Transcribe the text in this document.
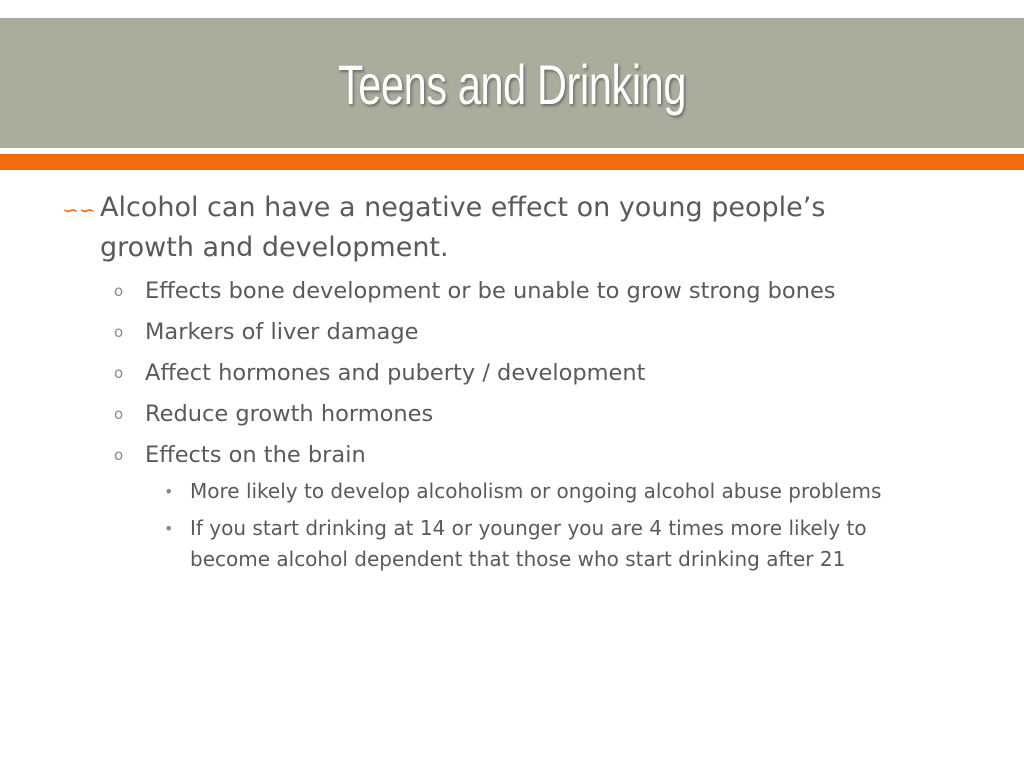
Teens and Drinking
∽∽ Alcohol can have a negative effect on young people’s growth and development.
o Effects bone development or be unable to grow strong bones
o Markers of liver damage
o Affect hormones and puberty / development
o Reduce growth hormones
o Effects on the brain
• More likely to develop alcoholism or ongoing alcohol abuse problems
• If you start drinking at 14 or younger you are 4 times more likely to become alcohol dependent that those who start drinking after 21
